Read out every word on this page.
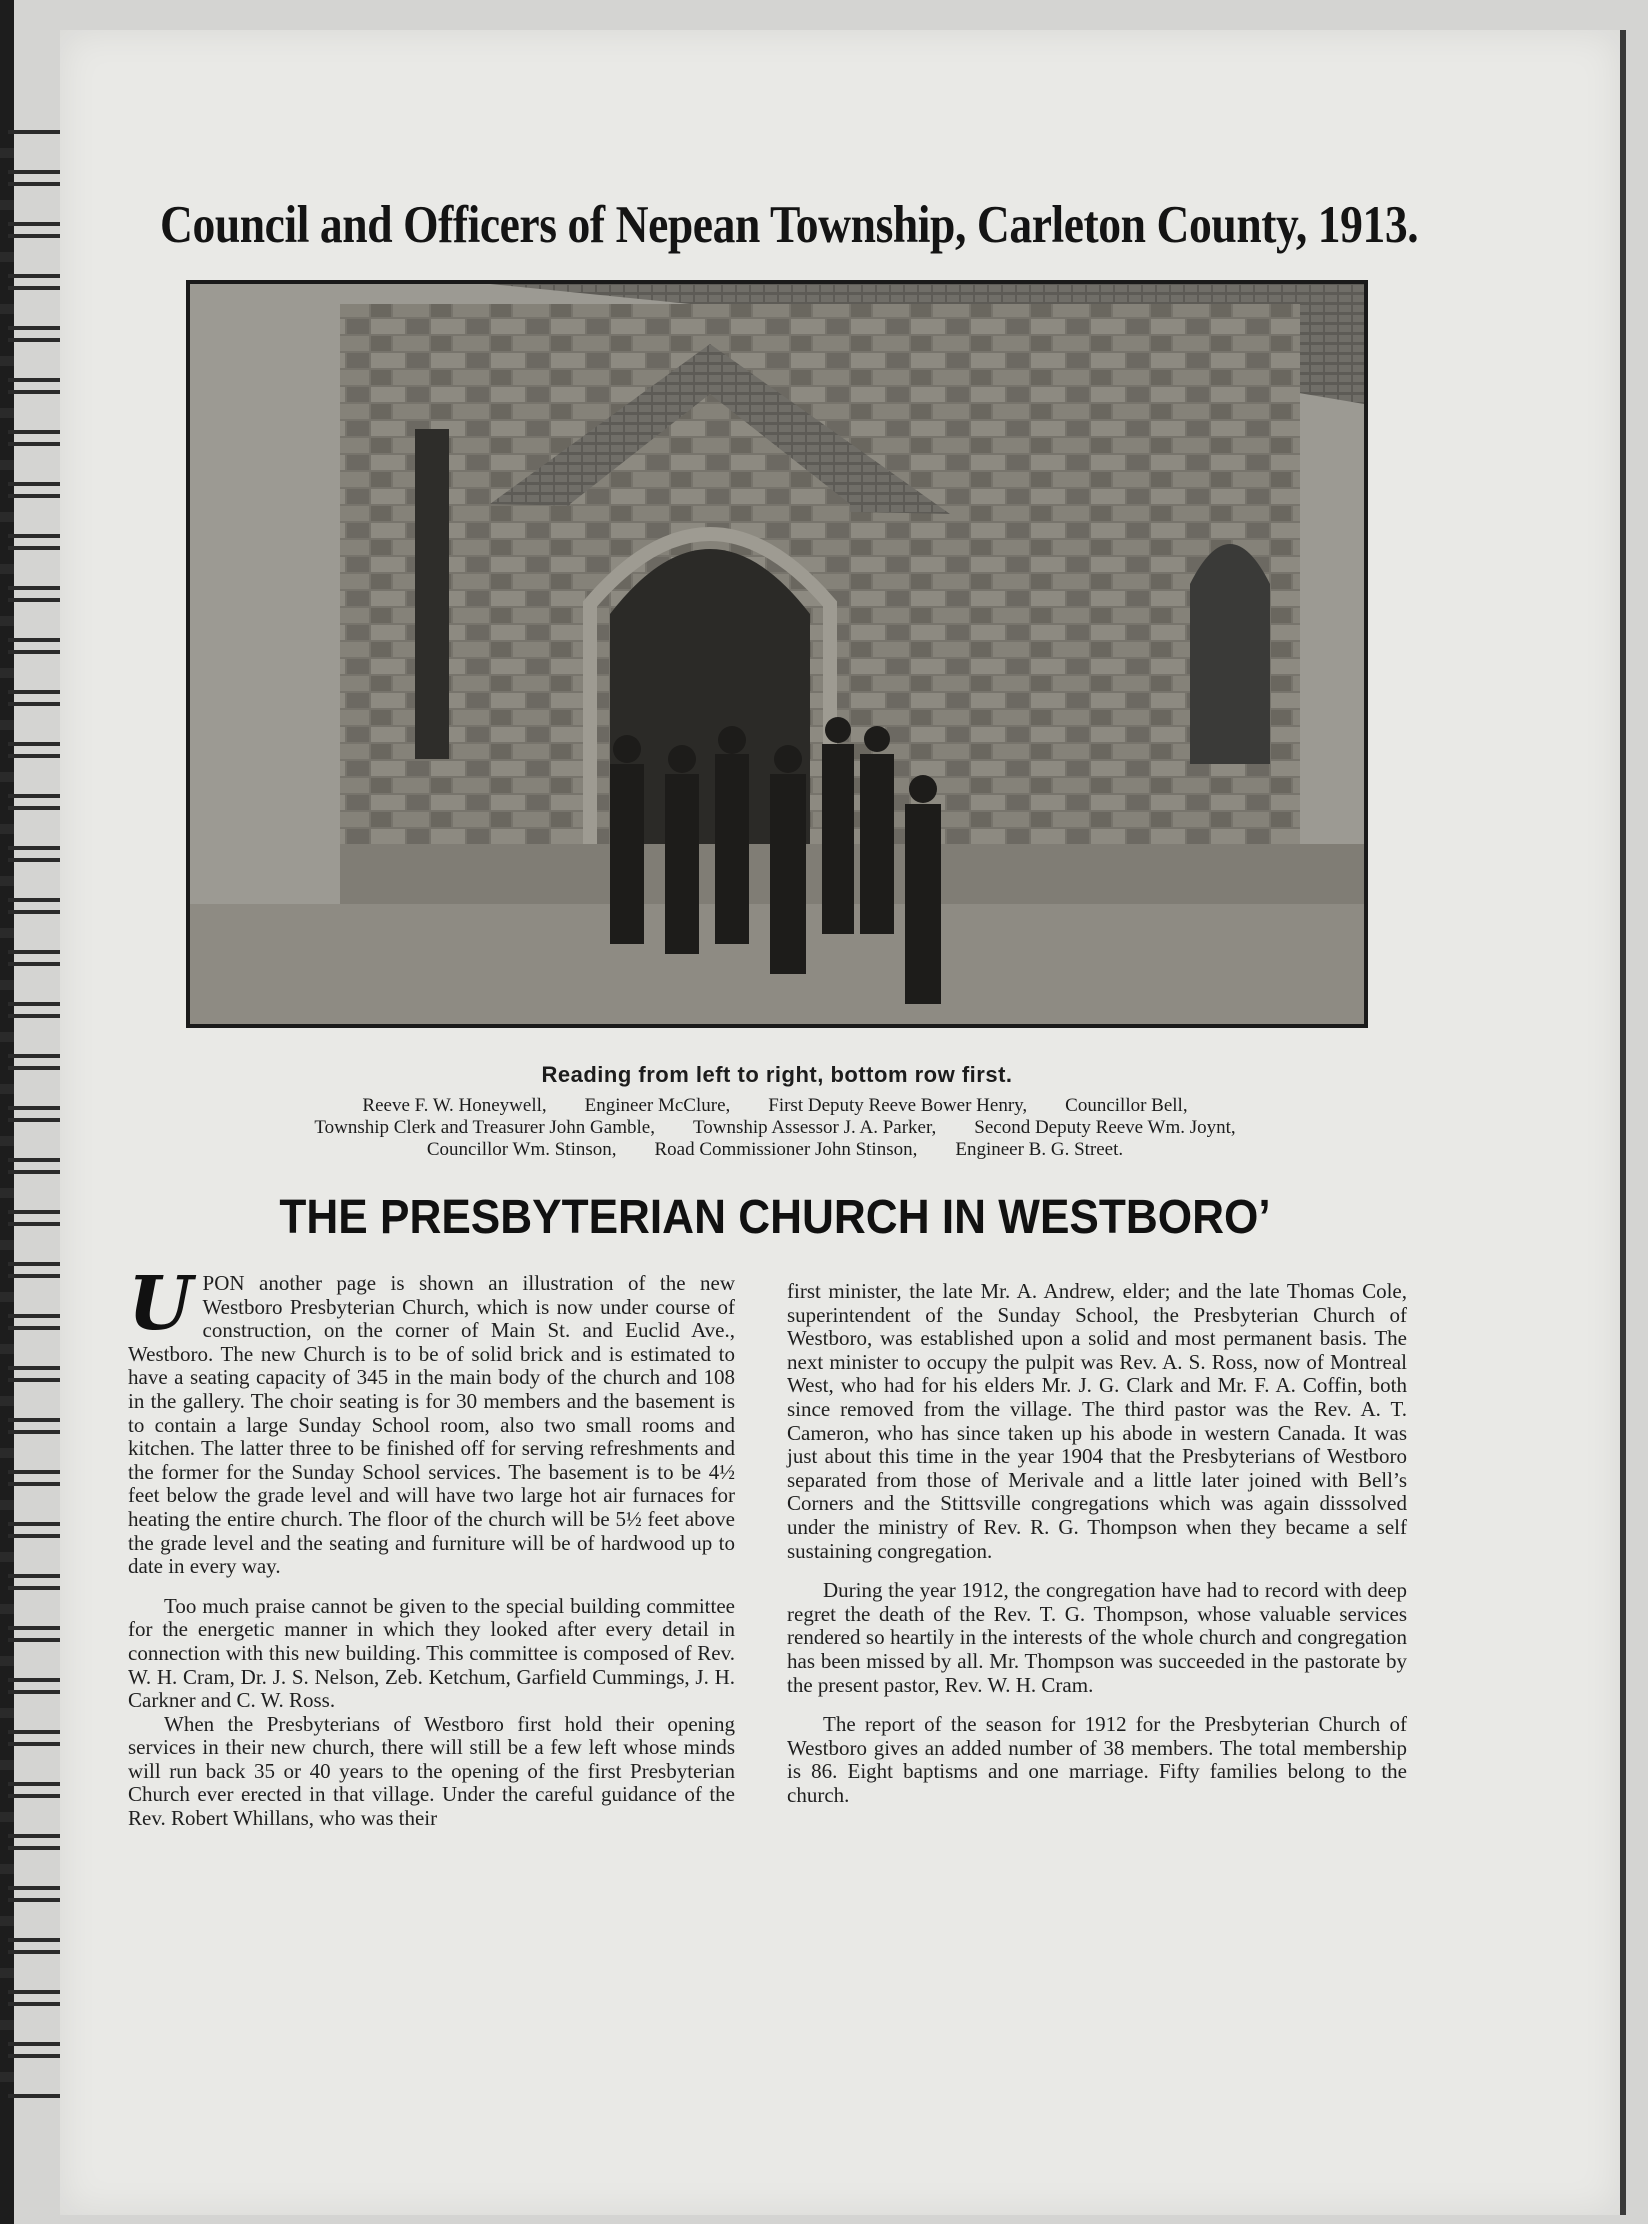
Council and Officers of Nepean Township, Carleton County, 1913.
Reading from left to right, bottom row first.
Reeve F. W. Honeywell,  Engineer McClure,  First Deputy Reeve Bower Henry,  Councillor Bell,
Township Clerk and Treasurer John Gamble,  Township Assessor J. A. Parker,  Second Deputy Reeve Wm. Joynt,
Councillor Wm. Stinson,  Road Commissioner John Stinson,  Engineer B. G. Street.
THE PRESBYTERIAN CHURCH IN WESTBORO’

UPON another page is shown an illustration of the new Westboro Presbyterian Church, which is now under course of construction, on the corner of Main St. and Euclid Ave., Westboro. The new Church is to be of solid brick and is estimated to have a seating capacity of 345 in the main body of the church and 108 in the gallery. The choir seating is for 30 members and the basement is to contain a large Sunday School room, also two small rooms and kitchen. The latter three to be finished off for serving refreshments and the former for the Sunday School services. The basement is to be 4½ feet below the grade level and will have two large hot air furnaces for heating the entire church. The floor of the church will be 5½ feet above the grade level and the seating and furniture will be of hardwood up to date in every way.

Too much praise cannot be given to the special building committee for the energetic manner in which they looked after every detail in connection with this new building. This committee is composed of Rev. W. H. Cram, Dr. J. S. Nelson, Zeb. Ketchum, Garfield Cummings, J. H. Carkner and C. W. Ross.

When the Presbyterians of Westboro first hold their opening services in their new church, there will still be a few left whose minds will run back 35 or 40 years to the opening of the first Presbyterian Church ever erected in that village. Under the careful guidance of the Rev. Robert Whillans, who was their

first minister, the late Mr. A. Andrew, elder; and the late Thomas Cole, superintendent of the Sunday School, the Presbyterian Church of Westboro, was established upon a solid and most permanent basis. The next minister to occupy the pulpit was Rev. A. S. Ross, now of Montreal West, who had for his elders Mr. J. G. Clark and Mr. F. A. Coffin, both since removed from the village. The third pastor was the Rev. A. T. Cameron, who has since taken up his abode in western Canada. It was just about this time in the year 1904 that the Presbyterians of Westboro separated from those of Merivale and a little later joined with Bell’s Corners and the Stittsville congregations which was again disssolved under the ministry of Rev. R. G. Thompson when they became a self sustaining congregation.

During the year 1912, the congregation have had to record with deep regret the death of the Rev. T. G. Thompson, whose valuable services rendered so heartily in the interests of the whole church and congregation has been missed by all. Mr. Thompson was succeeded in the pastorate by the present pastor, Rev. W. H. Cram.

The report of the season for 1912 for the Presbyterian Church of Westboro gives an added number of 38 members. The total membership is 86. Eight baptisms and one marriage. Fifty families belong to the church.
